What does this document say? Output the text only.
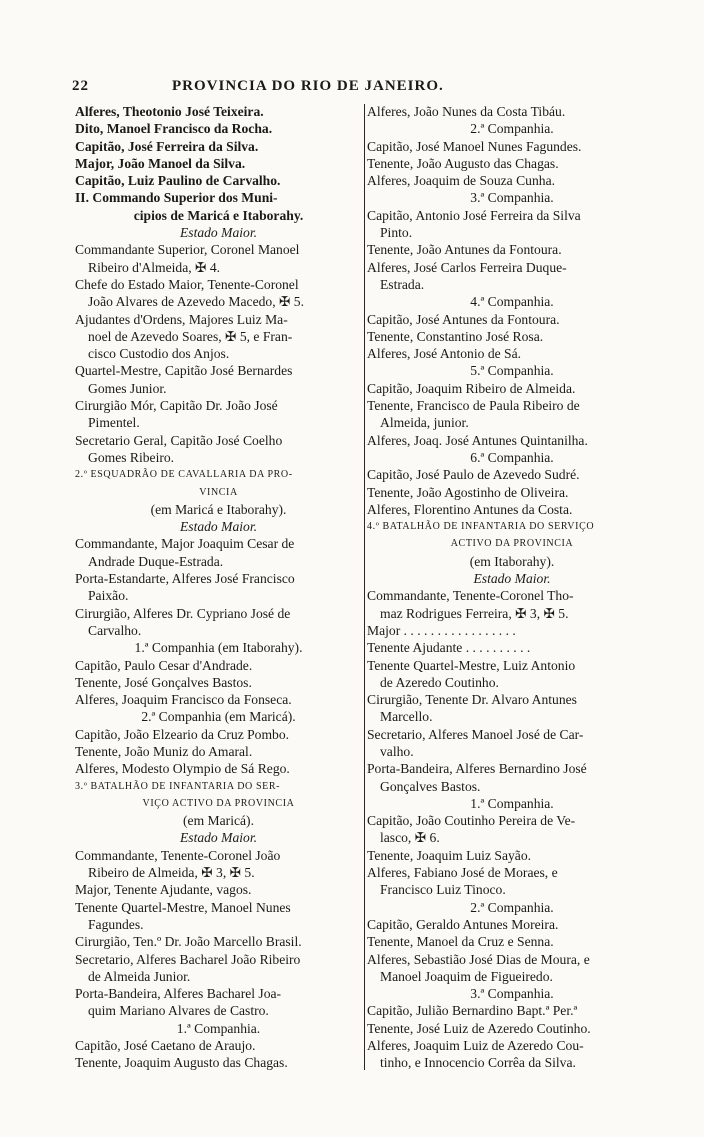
22	PROVINCIA DO RIO DE JANEIRO.
Alferes, Theotonio José Teixeira.
Dito, Manoel Francisco da Rocha.
Capitão, José Ferreira da Silva.
Major, João Manoel da Silva.
Capitão, Luiz Paulino de Carvalho.
II. Commando Superior dos Muni-
cipios de Maricá e Itaborahy.
Estado Maior.
Commandante Superior, Coronel Manoel
Ribeiro d'Almeida, ✠ 4.
Chefe do Estado Maior, Tenente-Coronel
João Alvares de Azevedo Macedo, ✠ 5.
Ajudantes d'Ordens, Majores Luiz Ma-
noel de Azevedo Soares, ✠ 5, e Fran-
cisco Custodio dos Anjos.
Quartel-Mestre, Capitão José Bernardes
Gomes Junior.
Cirurgião Mór, Capitão Dr. João José
Pimentel.
Secretario Geral, Capitão José Coelho
Gomes Ribeiro.
2.º ESQUADRÃO DE CAVALLARIA DA PRO-
VINCIA
(em Maricá e Itaborahy).
Estado Maior.
Commandante, Major Joaquim Cesar de
Andrade Duque-Estrada.
Porta-Estandarte, Alferes José Francisco
Paixão.
Cirurgião, Alferes Dr. Cypriano José de
Carvalho.
1.ª Companhia (em Itaborahy).
Capitão, Paulo Cesar d'Andrade.
Tenente, José Gonçalves Bastos.
Alferes, Joaquim Francisco da Fonseca.
2.ª Companhia (em Maricá).
Capitão, João Elzeario da Cruz Pombo.
Tenente, João Muniz do Amaral.
Alferes, Modesto Olympio de Sá Rego.
3.º BATALHÃO DE INFANTARIA DO SER-
VIÇO ACTIVO DA PROVINCIA
(em Maricá).
Estado Maior.
Commandante, Tenente-Coronel João
Ribeiro de Almeida, ✠ 3, ✠ 5.
Major, Tenente Ajudante, vagos.
Tenente Quartel-Mestre, Manoel Nunes
Fagundes.
Cirurgião, Ten.º Dr. João Marcello Brasil.
Secretario, Alferes Bacharel João Ribeiro
de Almeida Junior.
Porta-Bandeira, Alferes Bacharel Joa-
quim Mariano Alvares de Castro.
1.ª Companhia.
Capitão, José Caetano de Araujo.
Tenente, Joaquim Augusto das Chagas.
Alferes, João Nunes da Costa Tibáu.
2.ª Companhia.
Capitão, José Manoel Nunes Fagundes.
Tenente, João Augusto das Chagas.
Alferes, Joaquim de Souza Cunha.
3.ª Companhia.
Capitão, Antonio José Ferreira da Silva
Pinto.
Tenente, João Antunes da Fontoura.
Alferes, José Carlos Ferreira Duque-
Estrada.
4.ª Companhia.
Capitão, José Antunes da Fontoura.
Tenente, Constantino José Rosa.
Alferes, José Antonio de Sá.
5.ª Companhia.
Capitão, Joaquim Ribeiro de Almeida.
Tenente, Francisco de Paula Ribeiro de
Almeida, junior.
Alferes, Joaq. José Antunes Quintanilha.
6.ª Companhia.
Capitão, José Paulo de Azevedo Sudré.
Tenente, João Agostinho de Oliveira.
Alferes, Florentino Antunes da Costa.
4.º BATALHÃO DE INFANTARIA DO SERVIÇO
ACTIVO DA PROVINCIA
(em Itaborahy).
Estado Maior.
Commandante, Tenente-Coronel Tho-
maz Rodrigues Ferreira, ✠ 3, ✠ 5.
Major . . . . . . . . . . . . . . . . .
Tenente Ajudante . . . . . . . . . .
Tenente Quartel-Mestre, Luiz Antonio
de Azeredo Coutinho.
Cirurgião, Tenente Dr. Alvaro Antunes
Marcello.
Secretario, Alferes Manoel José de Car-
valho.
Porta-Bandeira, Alferes Bernardino José
Gonçalves Bastos.
1.ª Companhia.
Capitão, João Coutinho Pereira de Ve-
lasco, ✠ 6.
Tenente, Joaquim Luiz Sayão.
Alferes, Fabiano José de Moraes, e
Francisco Luiz Tinoco.
2.ª Companhia.
Capitão, Geraldo Antunes Moreira.
Tenente, Manoel da Cruz e Senna.
Alferes, Sebastião José Dias de Moura, e
Manoel Joaquim de Figueiredo.
3.ª Companhia.
Capitão, Julião Bernardino Bapt.ª Per.ª
Tenente, José Luiz de Azeredo Coutinho.
Alferes, Joaquim Luiz de Azeredo Cou-
tinho, e Innocencio Corrêa da Silva.
